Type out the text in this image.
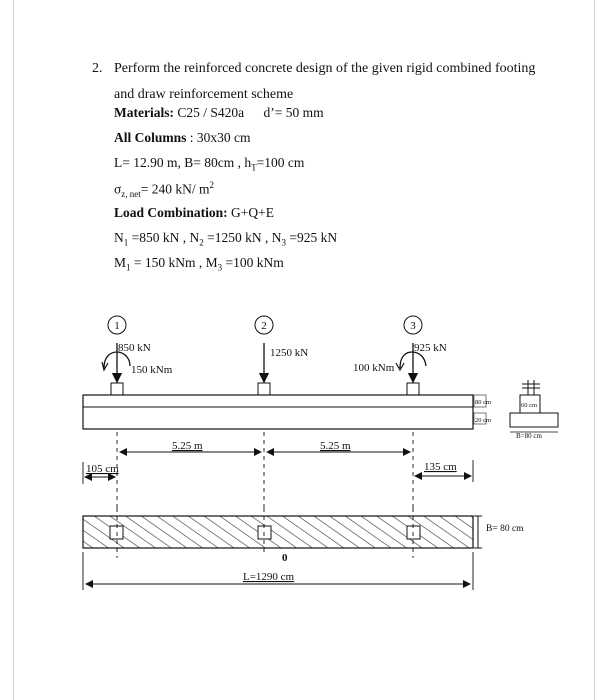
2. Perform the reinforced concrete design of the given rigid combined footing and draw reinforcement scheme
Materials: C25 / S420a d’= 50 mm
All Columns : 30x30 cm
L= 12.90 m, B= 80cm , $h_T=100$ cm
$\sigma_{z, net}= 240$ kN/ $m^2$
Load Combination: G+Q+E
$N_1 =850$ kN , $N_2 =1250$ kN , $N_3 =925$ kN
$M_1 = 150$ kNm , $M_3 =100$ kNm
1	2	3
850 kN
150 kNm
1250 kN	925 kN
100 kNm
80 cm
20 cm
60 cm
B=80 cm
5.25 m	5.25 m
105 cm	135 cm
0
B= 80 cm
L=1290 cm
